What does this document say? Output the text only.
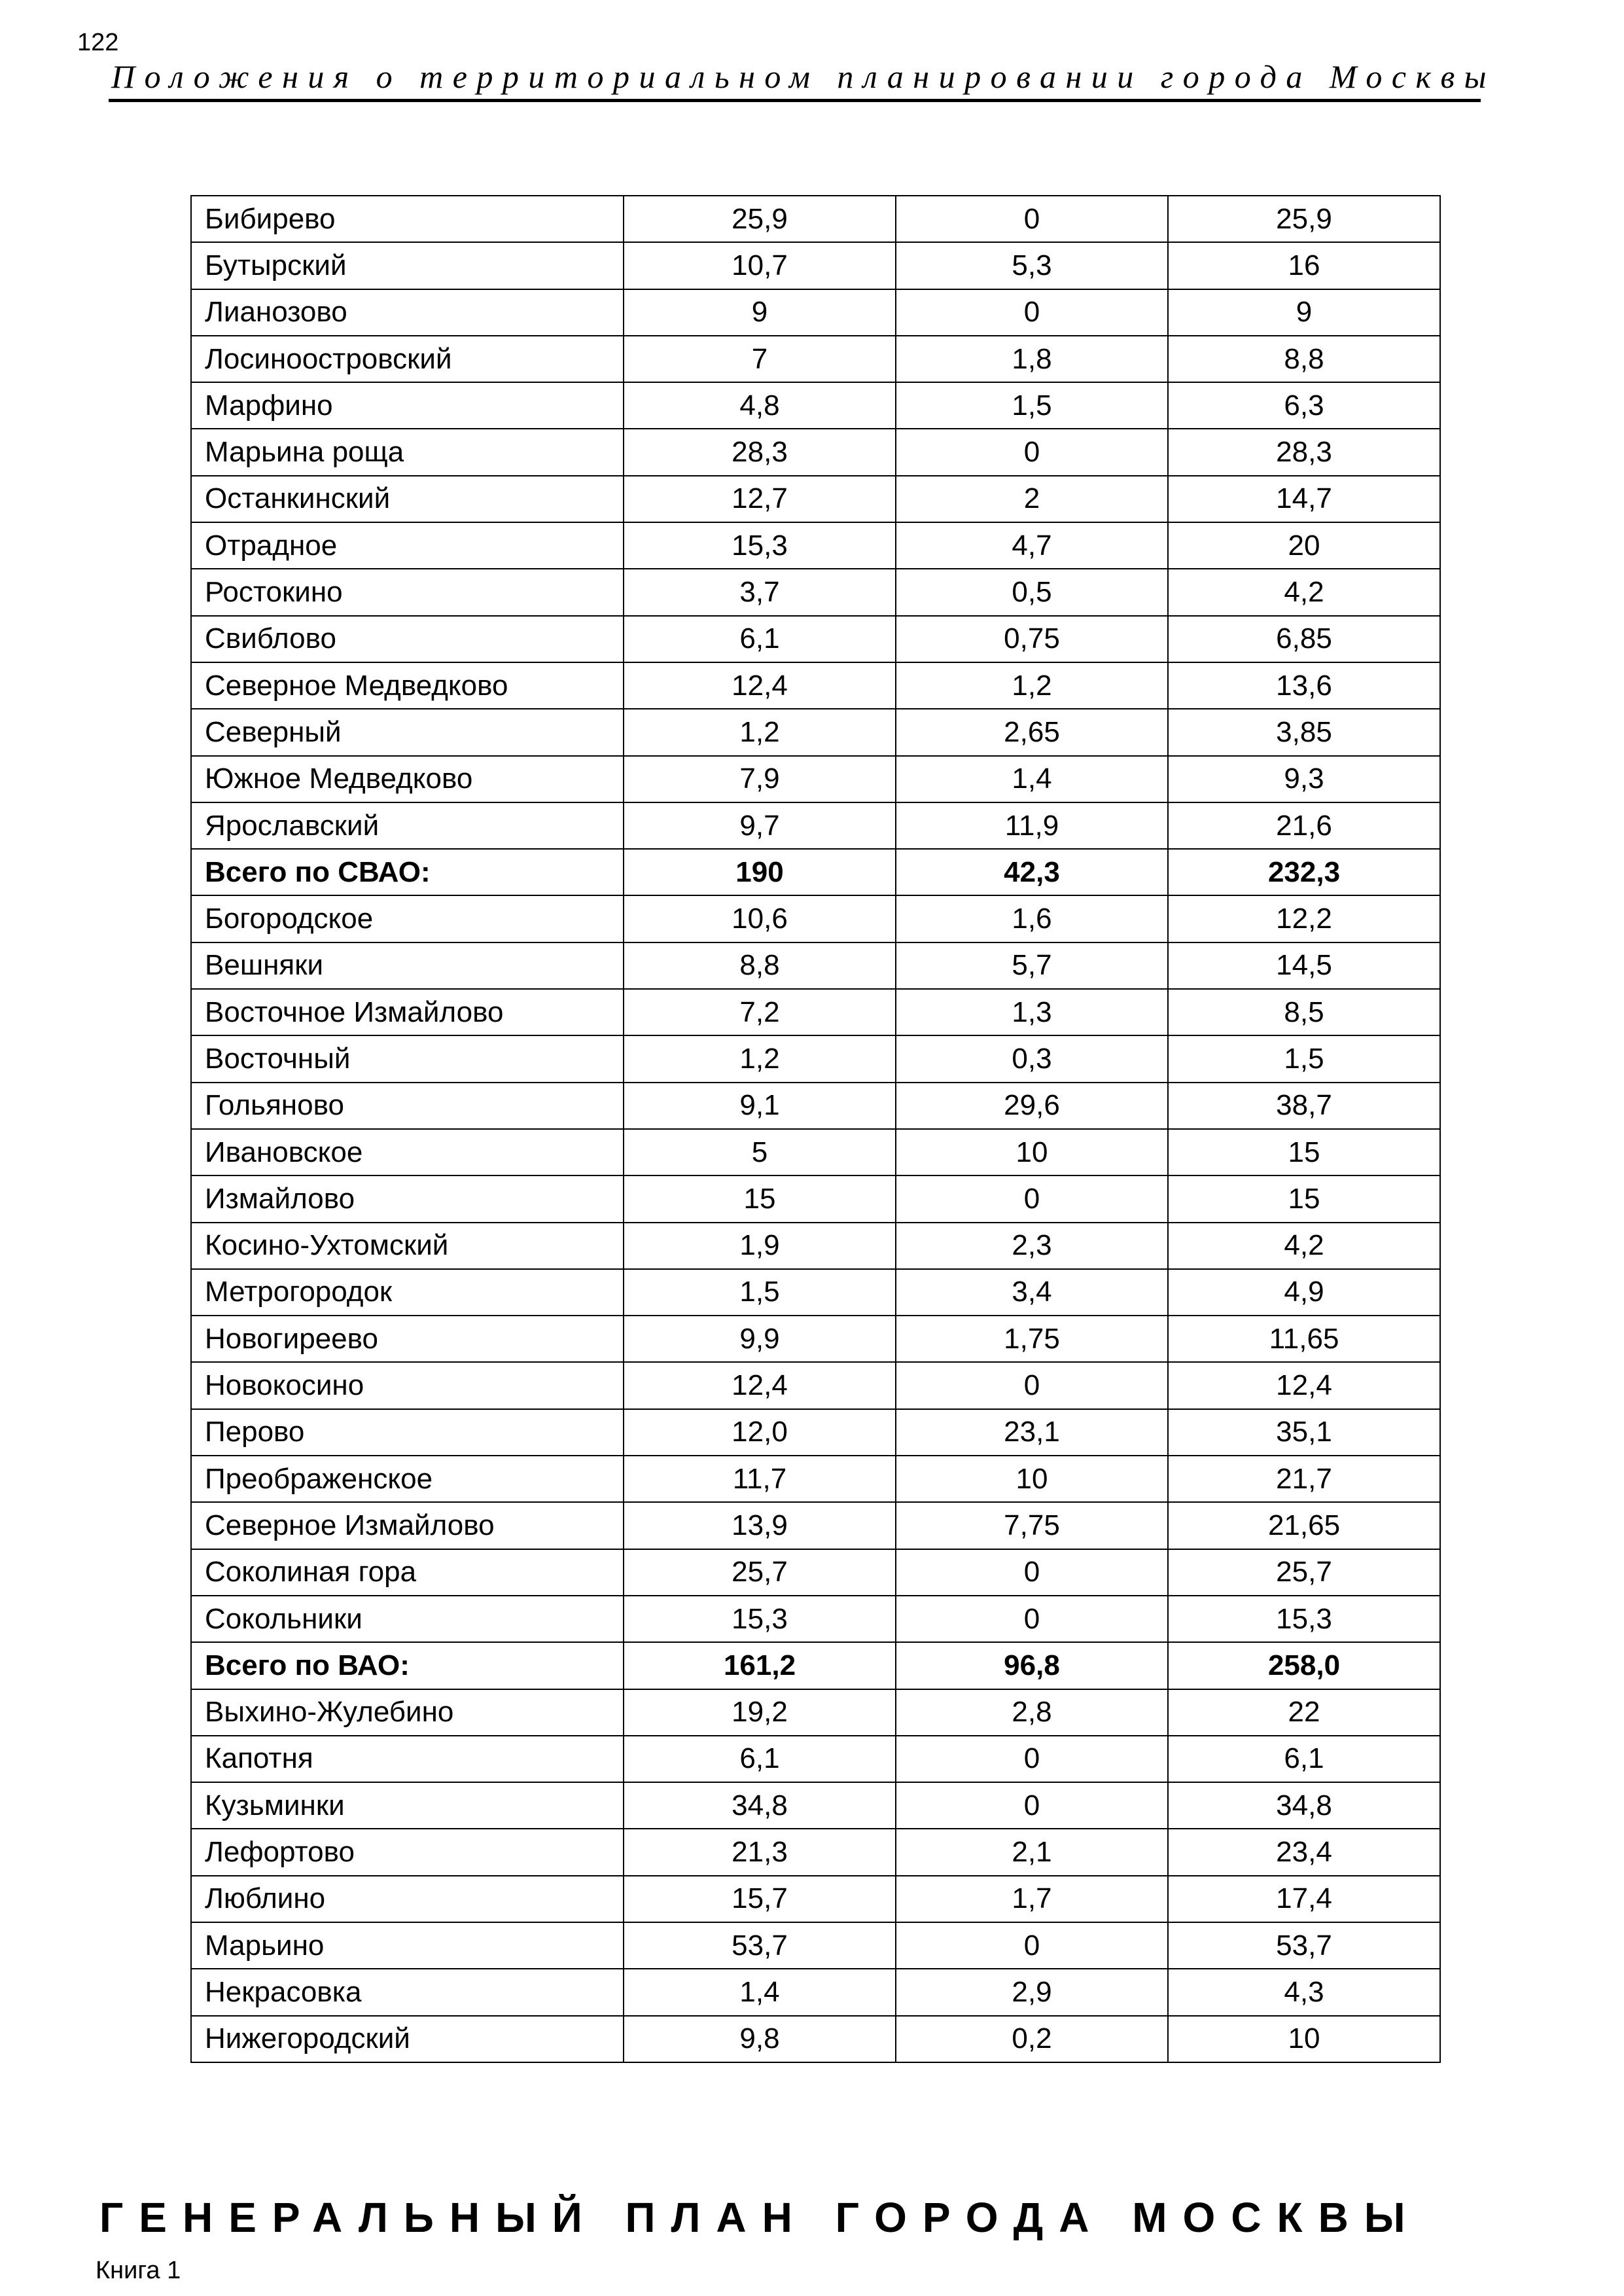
122
Положения о территориальном планировании города Москвы
Бибирево	25,9	0	25,9
Бутырский	10,7	5,3	16
Лианозово	9	0	9
Лосиноостровский	7	1,8	8,8
Марфино	4,8	1,5	6,3
Марьина роща	28,3	0	28,3
Останкинский	12,7	2	14,7
Отрадное	15,3	4,7	20
Ростокино	3,7	0,5	4,2
Свиблово	6,1	0,75	6,85
Северное Медведково	12,4	1,2	13,6
Северный	1,2	2,65	3,85
Южное Медведково	7,9	1,4	9,3
Ярославский	9,7	11,9	21,6
Всего по СВАО:	190	42,3	232,3
Богородское	10,6	1,6	12,2
Вешняки	8,8	5,7	14,5
Восточное Измайлово	7,2	1,3	8,5
Восточный	1,2	0,3	1,5
Гольяново	9,1	29,6	38,7
Ивановское	5	10	15
Измайлово	15	0	15
Косино-Ухтомский	1,9	2,3	4,2
Метрогородок	1,5	3,4	4,9
Новогиреево	9,9	1,75	11,65
Новокосино	12,4	0	12,4
Перово	12,0	23,1	35,1
Преображенское	11,7	10	21,7
Северное Измайлово	13,9	7,75	21,65
Соколиная гора	25,7	0	25,7
Сокольники	15,3	0	15,3
Всего по ВАО:	161,2	96,8	258,0
Выхино-Жулебино	19,2	2,8	22
Капотня	6,1	0	6,1
Кузьминки	34,8	0	34,8
Лефортово	21,3	2,1	23,4
Люблино	15,7	1,7	17,4
Марьино	53,7	0	53,7
Некрасовка	1,4	2,9	4,3
Нижегородский	9,8	0,2	10
ГЕНЕРАЛЬНЫЙ ПЛАН ГОРОДА МОСКВЫ
Книга 1
